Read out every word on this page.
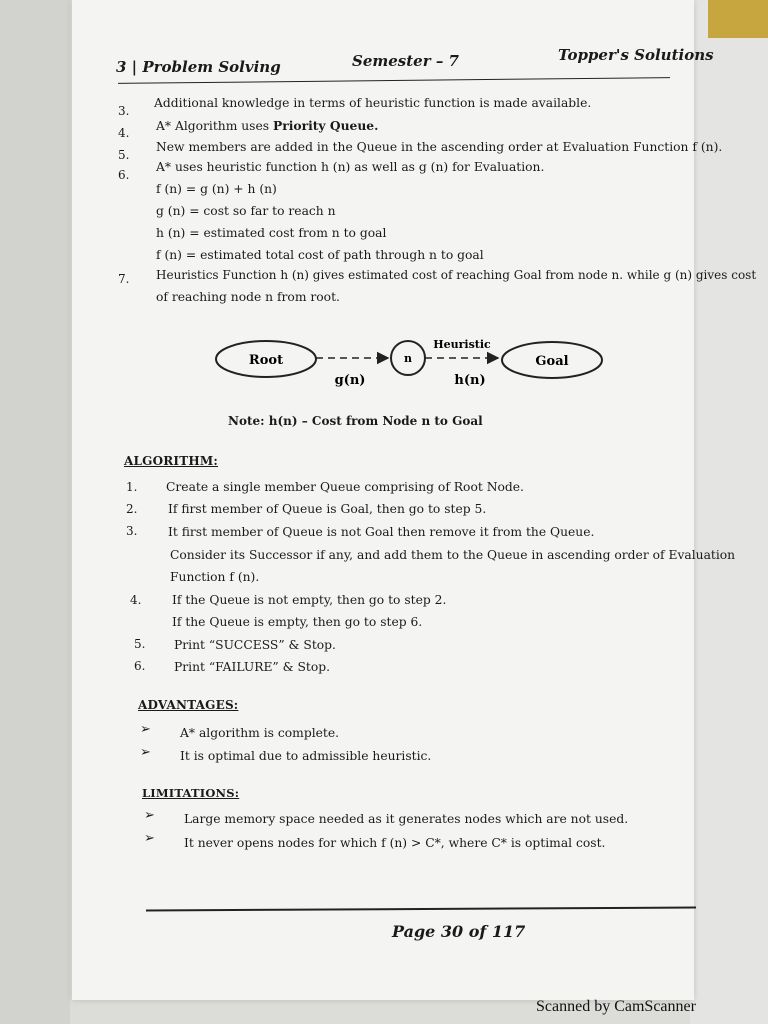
3 | Problem Solving	Semester – 7	Topper's Solutions
3.
Additional knowledge in terms of heuristic function is made available.
4. A* Algorithm uses Priority Queue.
5.
New members are added in the Queue in the ascending order at Evaluation Function f (n).
6.
A* uses heuristic function h (n) as well as g (n) for Evaluation.
f (n) = g (n) + h (n)
g (n) = cost so far to reach n
h (n) = estimated cost from n to goal
f (n) = estimated total cost of path through n to goal
7. Heuristics Function h (n) gives estimated cost of reaching Goal from node n. while g (n) gives cost
of reaching node n from root.
Root	n	Goal
Heuristic
g(n)	h(n)
Note: h(n) – Cost from Node n to Goal
ALGORITHM:
1. Create a single member Queue comprising of Root Node.
2. If first member of Queue is Goal, then go to step 5.
3. It first member of Queue is not Goal then remove it from the Queue.
Consider its Successor if any, and add them to the Queue in ascending order of Evaluation
Function f (n).
4. If the Queue is not empty, then go to step 2.
If the Queue is empty, then go to step 6.
5. Print “SUCCESS” & Stop.
6. Print “FAILURE” & Stop.
ADVANTAGES:
➢ A* algorithm is complete.
➢ It is optimal due to admissible heuristic.
LIMITATIONS:
➢ Large memory space needed as it generates nodes which are not used.
➢ It never opens nodes for which f (n) > C*, where C* is optimal cost.
Page 30 of 117
Scanned by CamScanner
